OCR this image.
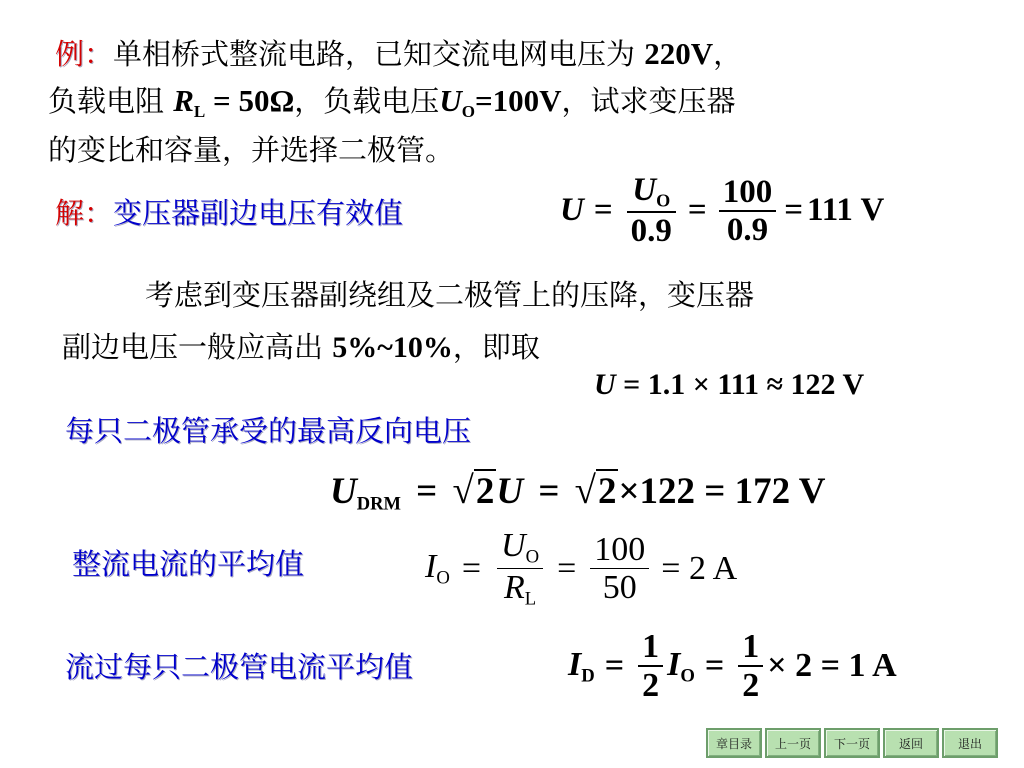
例：单相桥式整流电路，已知交流电网电压为 220V，
负载电阻 $R_L = 50\Omega$，负载电压$U_O=100V$，试求变压器
的变比和容量，并选择二极管。
解：变压器副边电压有效值	$U = \frac{U_O}{0.9} = \frac{100}{0.9} = 111$ V
考虑到变压器副绕组及二极管上的压降，变压器
副边电压一般应高出 5%~10%，即取
U = 1.1 × 111 ≈ 122 V
每只二极管承受的最高反向电压
$U_{DRM} = √2U = √2\times 122 = 172$ V
整流电流的平均值	$I_O = \frac{U_O}{R_L} = \frac{100}{50} = 2$ A
流过每只二极管电流平均值	$I_D = \frac{1}{2} I_O = \frac{1}{2} \times 2 = 1$ A
章目录	上一页	下一页	返回	退出
